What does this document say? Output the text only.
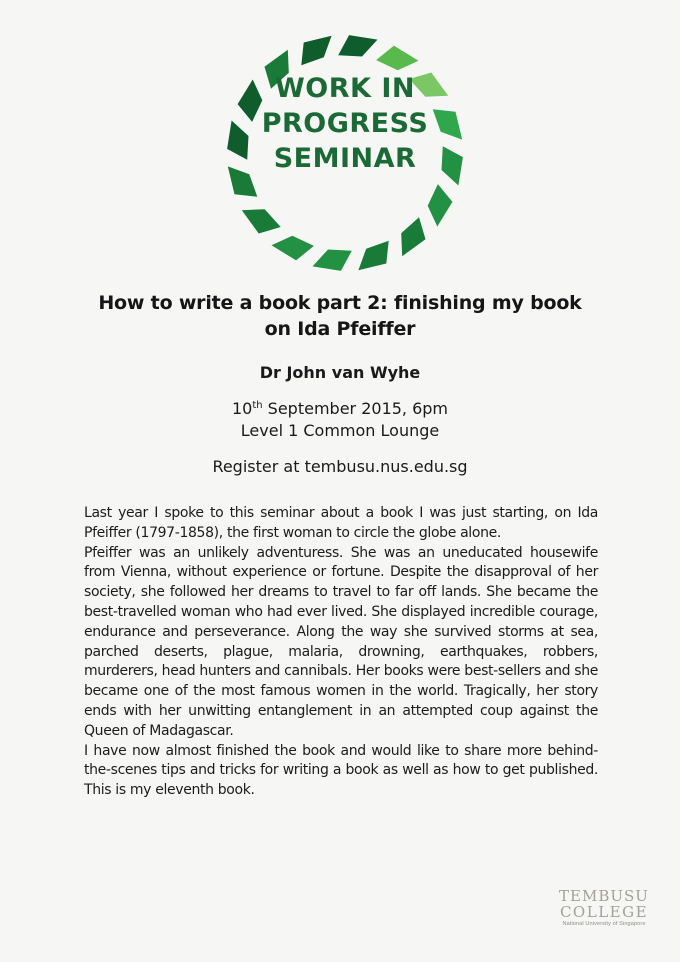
WORK IN
PROGRESS
SEMINAR
How to write a book part 2: finishing my book
on Ida Pfeiffer
Dr John van Wyhe
10th September 2015, 6pm
Level 1 Common Lounge
Register at tembusu.nus.edu.sg

Last year I spoke to this seminar about a book I was just starting, on Ida Pfeiffer (1797-1858), the first woman to circle the globe alone.

Pfeiffer was an unlikely adventuress. She was an uneducated housewife from Vienna, without experience or fortune. Despite the disapproval of her society, she followed her dreams to travel to far off lands. She became the best-travelled woman who had ever lived. She displayed incredible courage, endurance and perseverance. Along the way she survived storms at sea, parched deserts, plague, malaria, drowning, earthquakes, robbers, murderers, head hunters and cannibals. Her books were best-sellers and she became one of the most famous women in the world. Tragically, her story ends with her unwitting entanglement in an attempted coup against the Queen of Madagascar.

I have now almost finished the book and would like to share more behind-the-scenes tips and tricks for writing a book as well as how to get published. This is my eleventh book.

TEMBUSU
COLLEGE
National University of Singapore
